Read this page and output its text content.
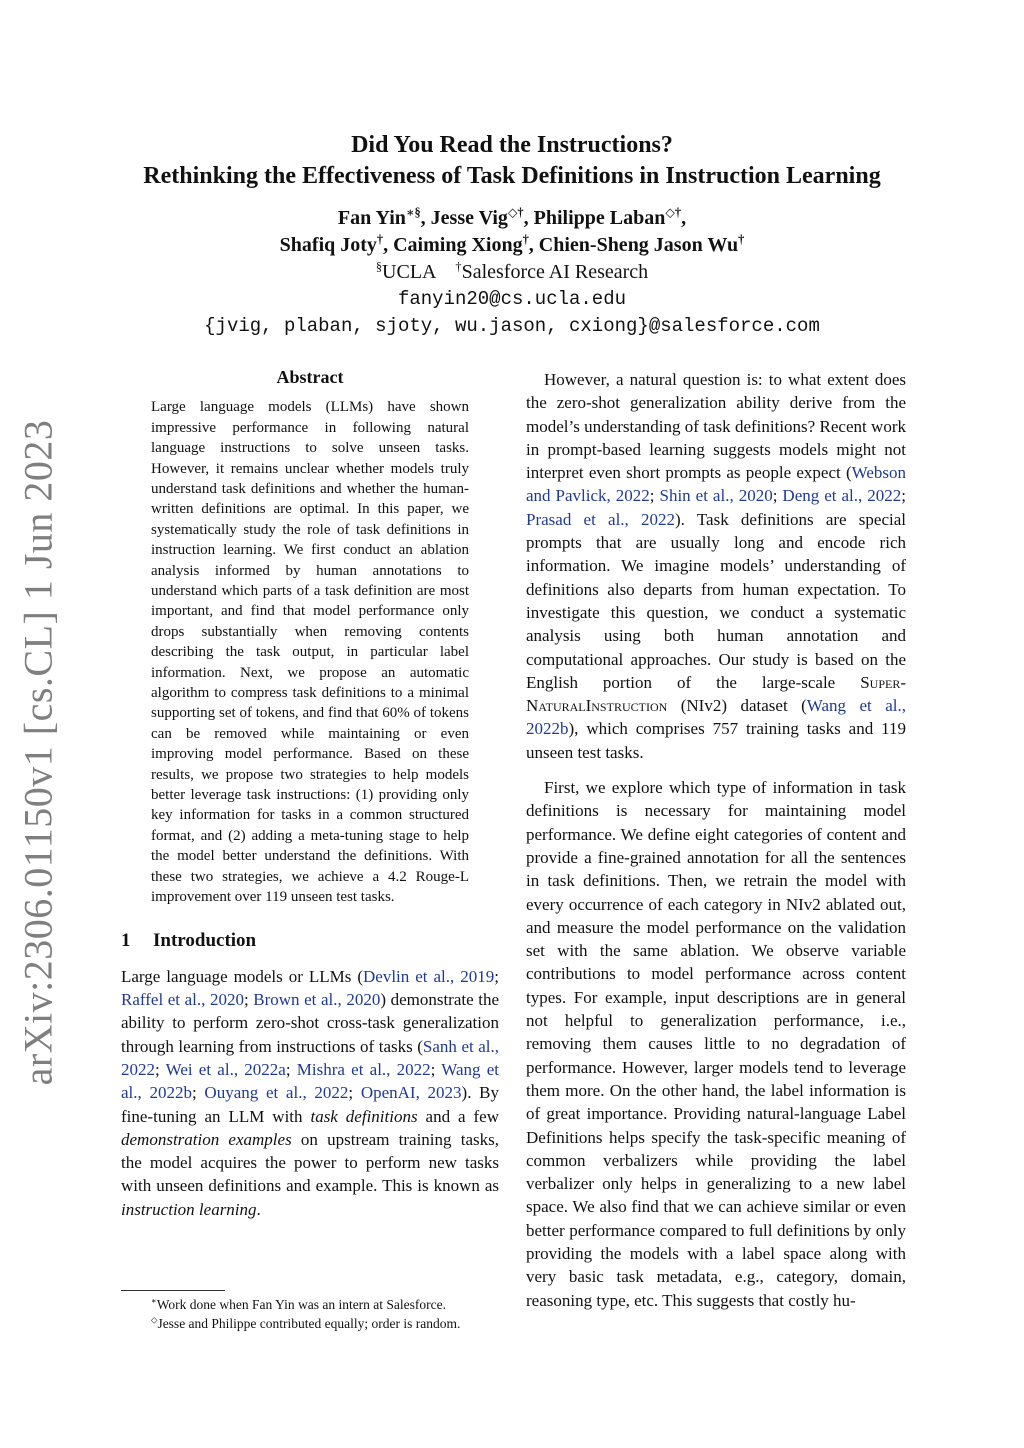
arXiv:2306.01150v1 [cs.CL] 1 Jun 2023
Did You Read the Instructions?
Rethinking the Effectiveness of Task Definitions in Instruction Learning
Fan Yin∗§, Jesse Vig◇†, Philippe Laban◇†,
Shafiq Joty†, Caiming Xiong†, Chien-Sheng Jason Wu†
§UCLA †Salesforce AI Research
fanyin20@cs.ucla.edu
{jvig, plaban, sjoty, wu.jason, cxiong}@salesforce.com
Abstract

Large language models (LLMs) have shown impressive performance in following natural language instructions to solve unseen tasks. However, it remains unclear whether models truly understand task definitions and whether the human-written definitions are optimal. In this paper, we systematically study the role of task definitions in instruction learning. We first conduct an ablation analysis informed by human annotations to understand which parts of a task definition are most important, and find that model performance only drops substantially when removing contents describing the task output, in particular label information. Next, we propose an automatic algorithm to compress task definitions to a minimal supporting set of tokens, and find that 60% of tokens can be removed while maintaining or even improving model performance. Based on these results, we propose two strategies to help models better leverage task instructions: (1) providing only key information for tasks in a common structured format, and (2) adding a meta-tuning stage to help the model better understand the definitions. With these two strategies, we achieve a 4.2 Rouge-L improvement over 119 unseen test tasks.

1 Introduction

Large language models or LLMs (Devlin et al., 2019; Raffel et al., 2020; Brown et al., 2020) demonstrate the ability to perform zero-shot cross-task generalization through learning from instructions of tasks (Sanh et al., 2022; Wei et al., 2022a; Mishra et al., 2022; Wang et al., 2022b; Ouyang et al., 2022; OpenAI, 2023). By fine-tuning an LLM with task definitions and a few demonstration examples on upstream training tasks, the model acquires the power to perform new tasks with unseen definitions and example. This is known as instruction learning.

∗Work done when Fan Yin was an intern at Salesforce.
◇Jesse and Philippe contributed equally; order is random.

However, a natural question is: to what extent does the zero-shot generalization ability derive from the model’s understanding of task definitions? Recent work in prompt-based learning suggests models might not interpret even short prompts as people expect (Webson and Pavlick, 2022; Shin et al., 2020; Deng et al., 2022; Prasad et al., 2022). Task definitions are special prompts that are usually long and encode rich information. We imagine models’ understanding of definitions also departs from human expectation. To investigate this question, we conduct a systematic analysis using both human annotation and computational approaches. Our study is based on the English portion of the large-scale Super-NaturalInstruction (NIv2) dataset (Wang et al., 2022b), which comprises 757 training tasks and 119 unseen test tasks.

First, we explore which type of information in task definitions is necessary for maintaining model performance. We define eight categories of content and provide a fine-grained annotation for all the sentences in task definitions. Then, we retrain the model with every occurrence of each category in NIv2 ablated out, and measure the model performance on the validation set with the same ablation. We observe variable contributions to model performance across content types. For example, input descriptions are in general not helpful to generalization performance, i.e., removing them causes little to no degradation of performance. However, larger models tend to leverage them more. On the other hand, the label information is of great importance. Providing natural-language Label Definitions helps specify the task-specific meaning of common verbalizers while providing the label verbalizer only helps in generalizing to a new label space. We also find that we can achieve similar or even better performance compared to full definitions by only providing the models with a label space along with very basic task metadata, e.g., category, domain, reasoning type, etc. This suggests that costly hu-
